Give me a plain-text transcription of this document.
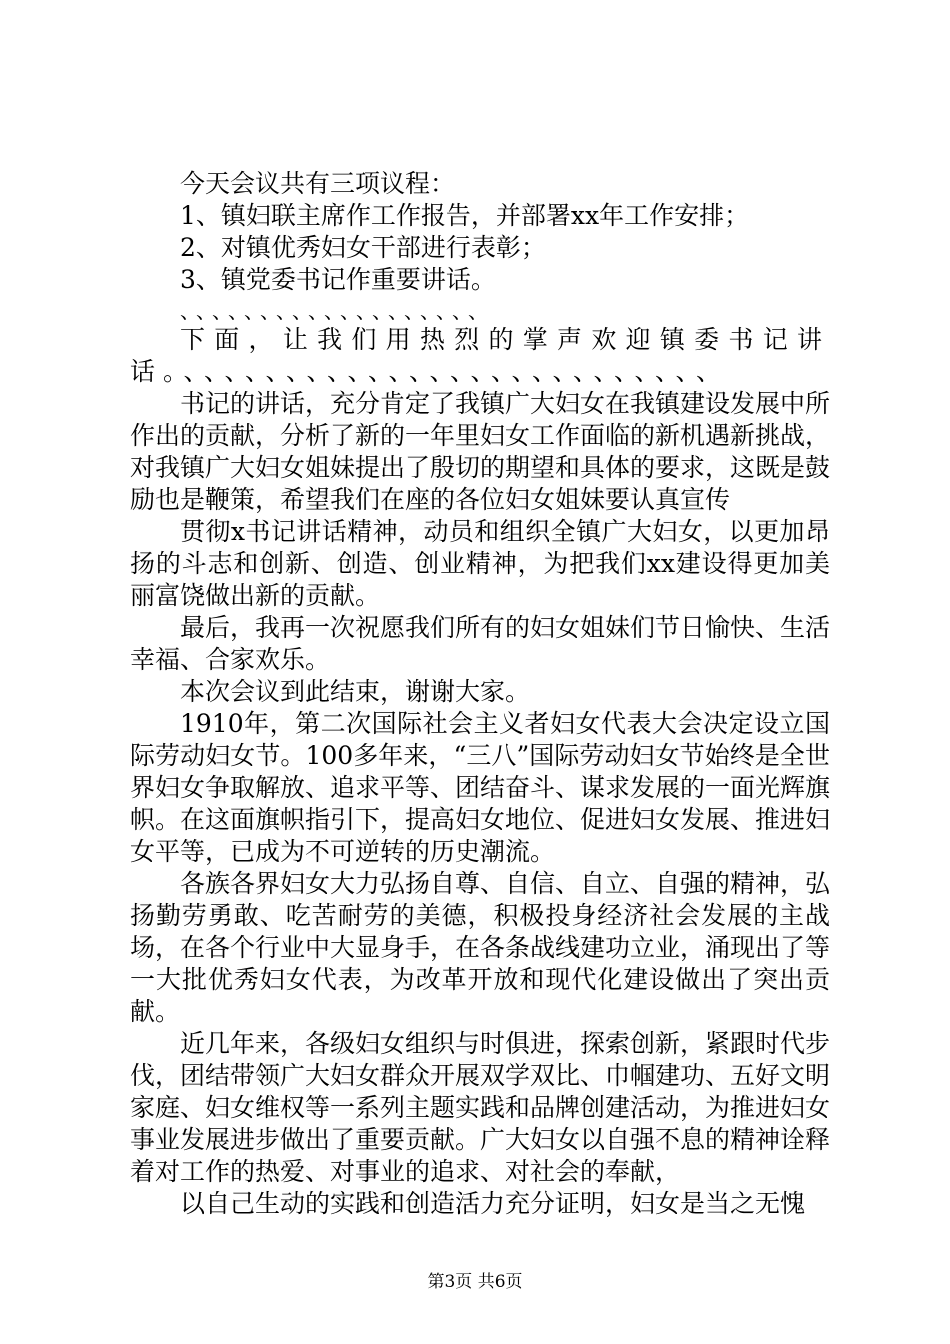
今天会议共有三项议程：

1、镇妇联主席作工作报告，并部署xx年工作安排；

2、对镇优秀妇女干部进行表彰；

3、镇党委书记作重要讲话。

、、、、、、、、、、、、、、、、、、、

下面，让我们用热烈的掌声欢迎镇委书记讲话。、、、、、、、、、、、、、、、、、、、、、、、、、、

书记的讲话，充分肯定了我镇广大妇女在我镇建设发展中所作出的贡献，分析了新的一年里妇女工作面临的新机遇新挑战，对我镇广大妇女姐妹提出了殷切的期望和具体的要求，这既是鼓励也是鞭策，希望我们在座的各位妇女姐妹要认真宣传

贯彻x书记讲话精神，动员和组织全镇广大妇女，以更加昂扬的斗志和创新、创造、创业精神，为把我们xx建设得更加美丽富饶做出新的贡献。

最后，我再一次祝愿我们所有的妇女姐妹们节日愉快、生活幸福、合家欢乐。

本次会议到此结束，谢谢大家。

1910年，第二次国际社会主义者妇女代表大会决定设立国际劳动妇女节。100多年来，“三八”国际劳动妇女节始终是全世界妇女争取解放、追求平等、团结奋斗、谋求发展的一面光辉旗帜。在这面旗帜指引下，提高妇女地位、促进妇女发展、推进妇女平等，已成为不可逆转的历史潮流。

各族各界妇女大力弘扬自尊、自信、自立、自强的精神，弘扬勤劳勇敢、吃苦耐劳的美德，积极投身经济社会发展的主战场，在各个行业中大显身手，在各条战线建功立业，涌现出了等一大批优秀妇女代表，为改革开放和现代化建设做出了突出贡献。

近几年来，各级妇女组织与时俱进，探索创新，紧跟时代步伐，团结带领广大妇女群众开展双学双比、巾帼建功、五好文明家庭、妇女维权等一系列主题实践和品牌创建活动，为推进妇女事业发展进步做出了重要贡献。广大妇女以自强不息的精神诠释着对工作的热爱、对事业的追求、对社会的奉献，

以自己生动的实践和创造活力充分证明，妇女是当之无愧

第3页 共6页
